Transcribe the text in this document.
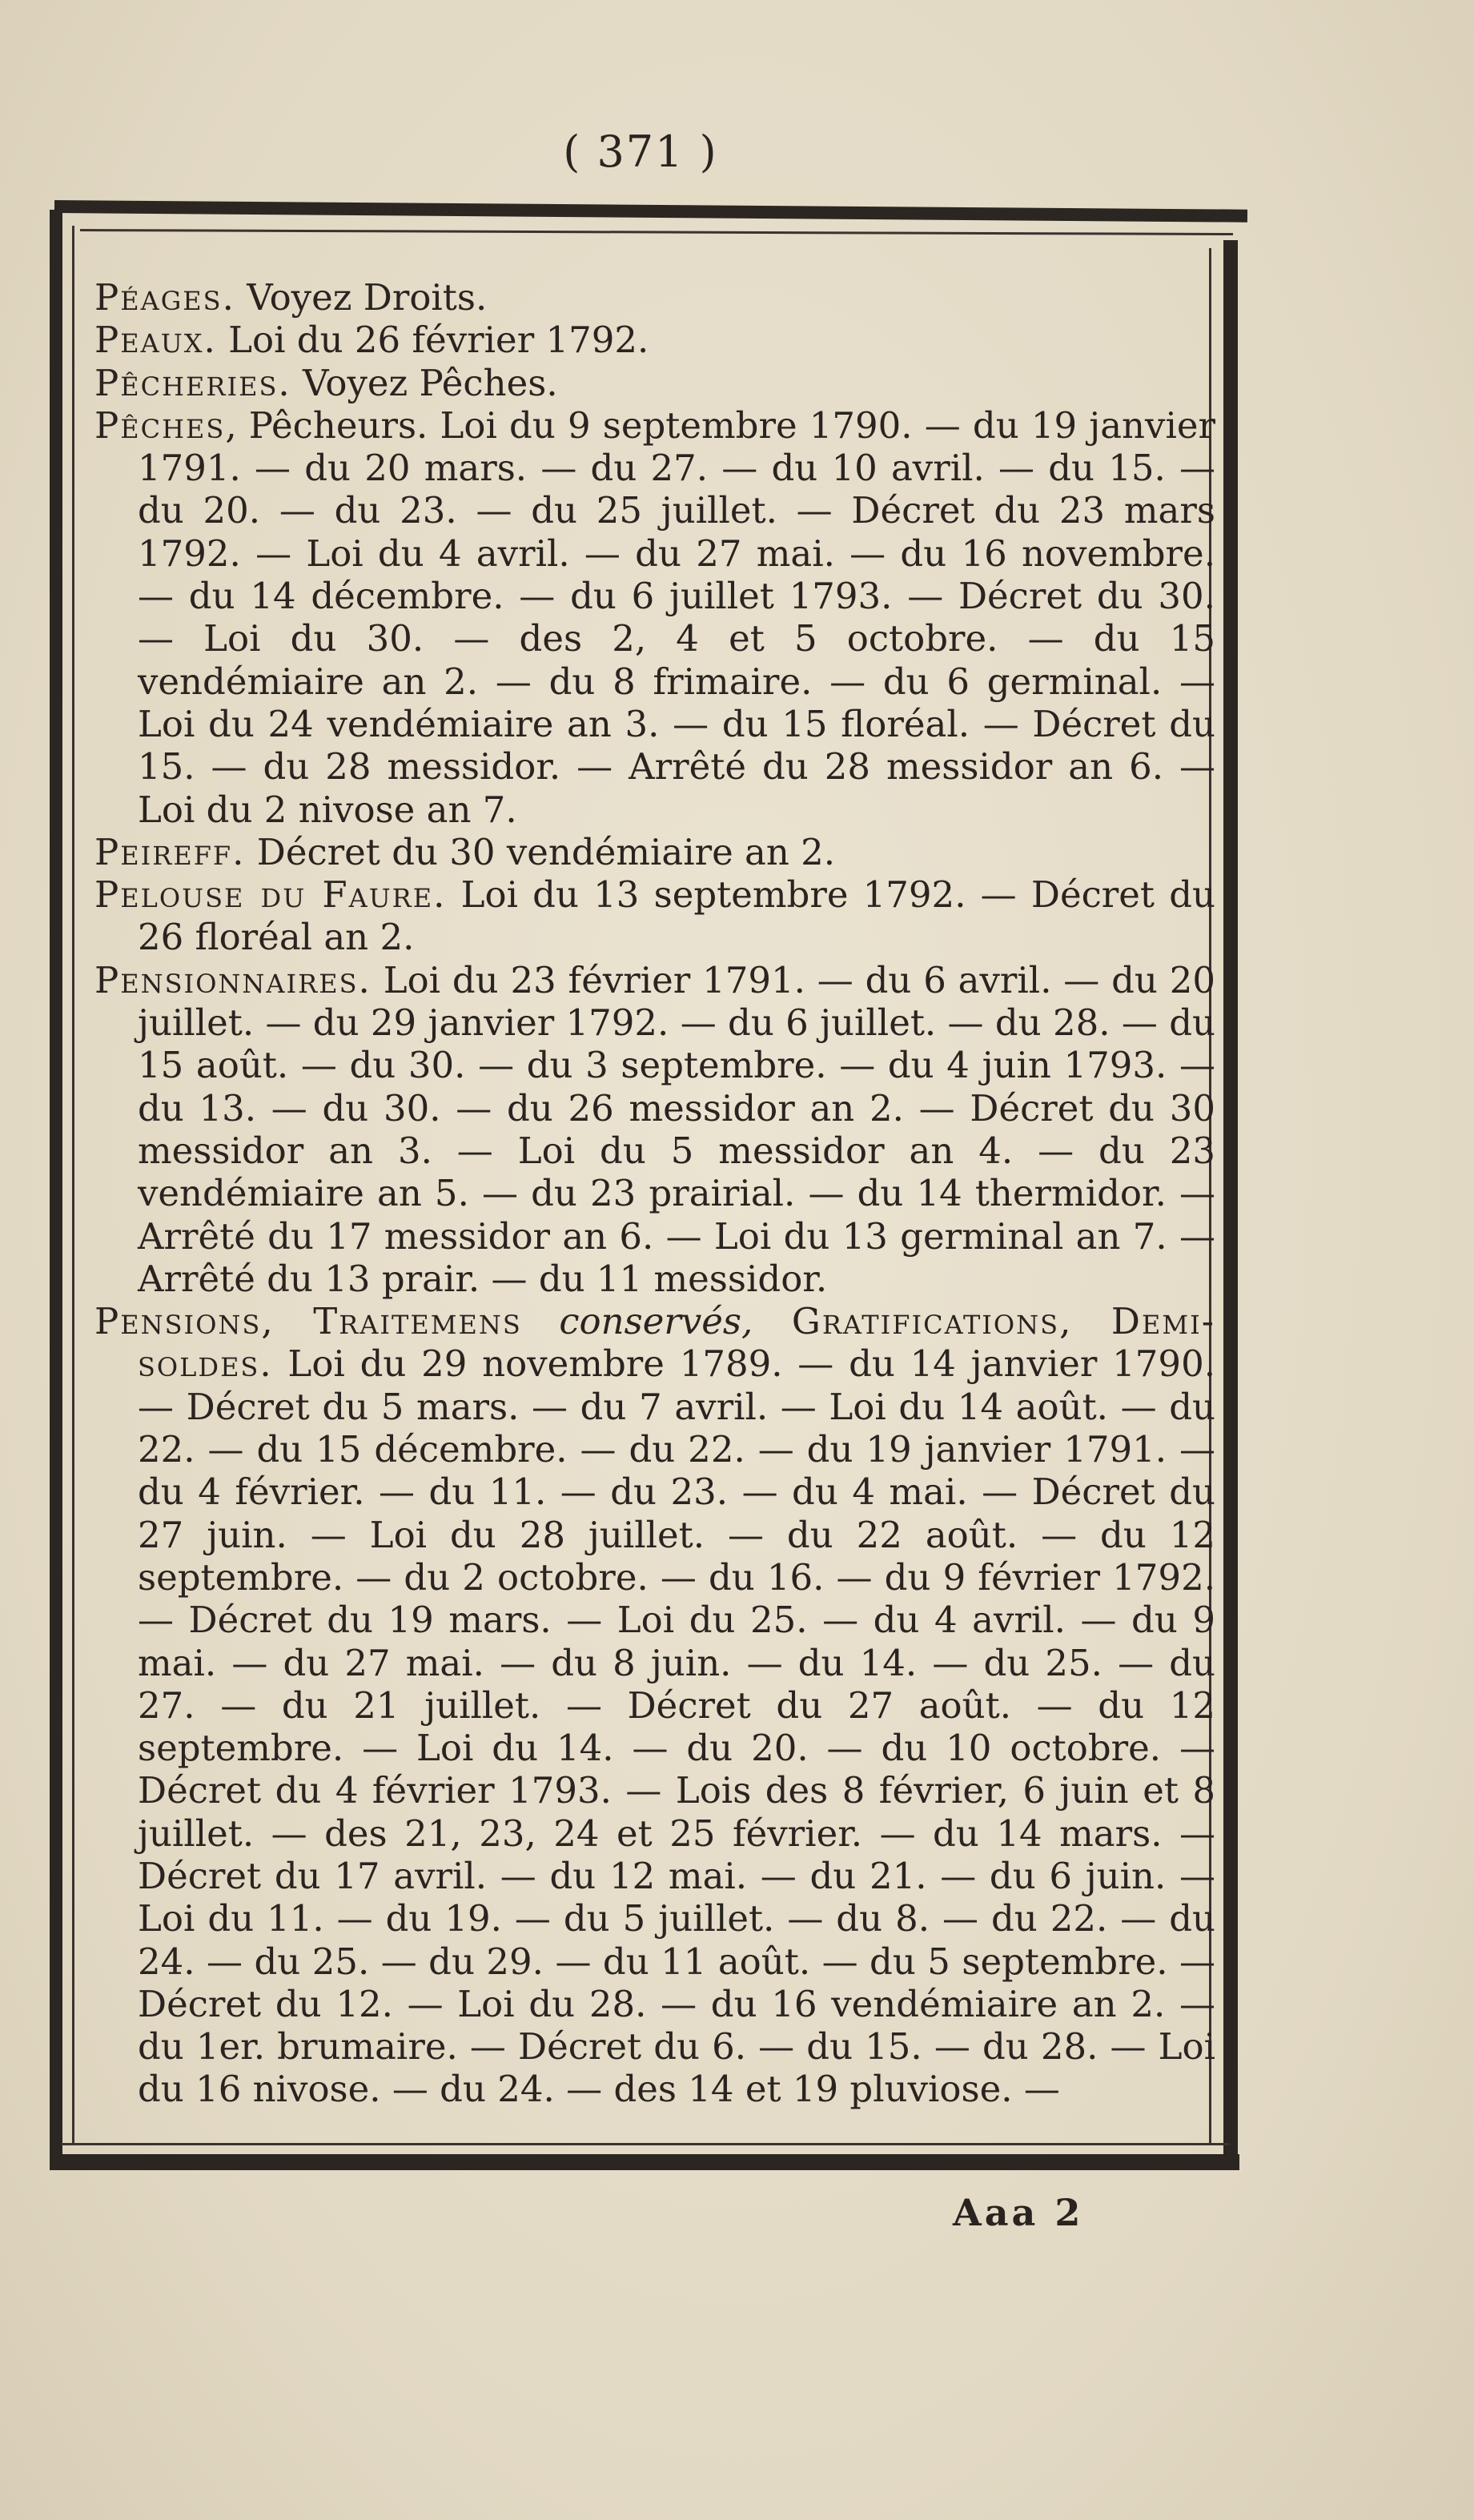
( 371 )

Péages. Voyez Droits.

Peaux. Loi du 26 février 1792.

Pêcheries. Voyez Pêches.

Pêches, Pêcheurs. Loi du 9 septembre 1790. — du 19 janvier 1791. — du 20 mars. — du 27. — du 10 avril. — du 15. — du 20. — du 23. — du 25 juillet. — Décret du 23 mars 1792. — Loi du 4 avril. — du 27 mai. — du 16 novembre. — du 14 décembre. — du 6 juillet 1793. — Décret du 30. — Loi du 30. — des 2, 4 et 5 octobre. — du 15 vendémiaire an 2. — du 8 frimaire. — du 6 germinal. — Loi du 24 vendémiaire an 3. — du 15 floréal. — Décret du 15. — du 28 messidor. — Arrêté du 28 messidor an 6. — Loi du 2 nivose an 7.

Peireff. Décret du 30 vendémiaire an 2.

Pelouse du Faure. Loi du 13 septembre 1792. — Décret du 26 floréal an 2.

Pensionnaires. Loi du 23 février 1791. — du 6 avril. — du 20 juillet. — du 29 janvier 1792. — du 6 juillet. — du 28. — du 15 août. — du 30. — du 3 septembre. — du 4 juin 1793. — du 13. — du 30. — du 26 messidor an 2. — Décret du 30 messidor an 3. — Loi du 5 messidor an 4. — du 23 vendémiaire an 5. — du 23 prairial. — du 14 thermidor. — Arrêté du 17 messidor an 6. — Loi du 13 germinal an 7. — Arrêté du 13 prair. — du 11 messidor.

Pensions, Traitemens conservés, Gratifications, Demi-soldes. Loi du 29 novembre 1789. — du 14 janvier 1790. — Décret du 5 mars. — du 7 avril. — Loi du 14 août. — du 22. — du 15 décembre. — du 22. — du 19 janvier 1791. — du 4 février. — du 11. — du 23. — du 4 mai. — Décret du 27 juin. — Loi du 28 juillet. — du 22 août. — du 12 septembre. — du 2 octobre. — du 16. — du 9 février 1792. — Décret du 19 mars. — Loi du 25. — du 4 avril. — du 9 mai. — du 27 mai. — du 8 juin. — du 14. — du 25. — du 27. — du 21 juillet. — Décret du 27 août. — du 12 septembre. — Loi du 14. — du 20. — du 10 octobre. — Décret du 4 février 1793. — Lois des 8 février, 6 juin et 8 juillet. — des 21, 23, 24 et 25 février. — du 14 mars. — Décret du 17 avril. — du 12 mai. — du 21. — du 6 juin. — Loi du 11. — du 19. — du 5 juillet. — du 8. — du 22. — du 24. — du 25. — du 29. — du 11 août. — du 5 septembre. — Décret du 12. — Loi du 28. — du 16 vendémiaire an 2. — du 1er. brumaire. — Décret du 6. — du 15. — du 28. — Loi du 16 nivose. — du 24. — des 14 et 19 pluviose. —

Aaa 2
